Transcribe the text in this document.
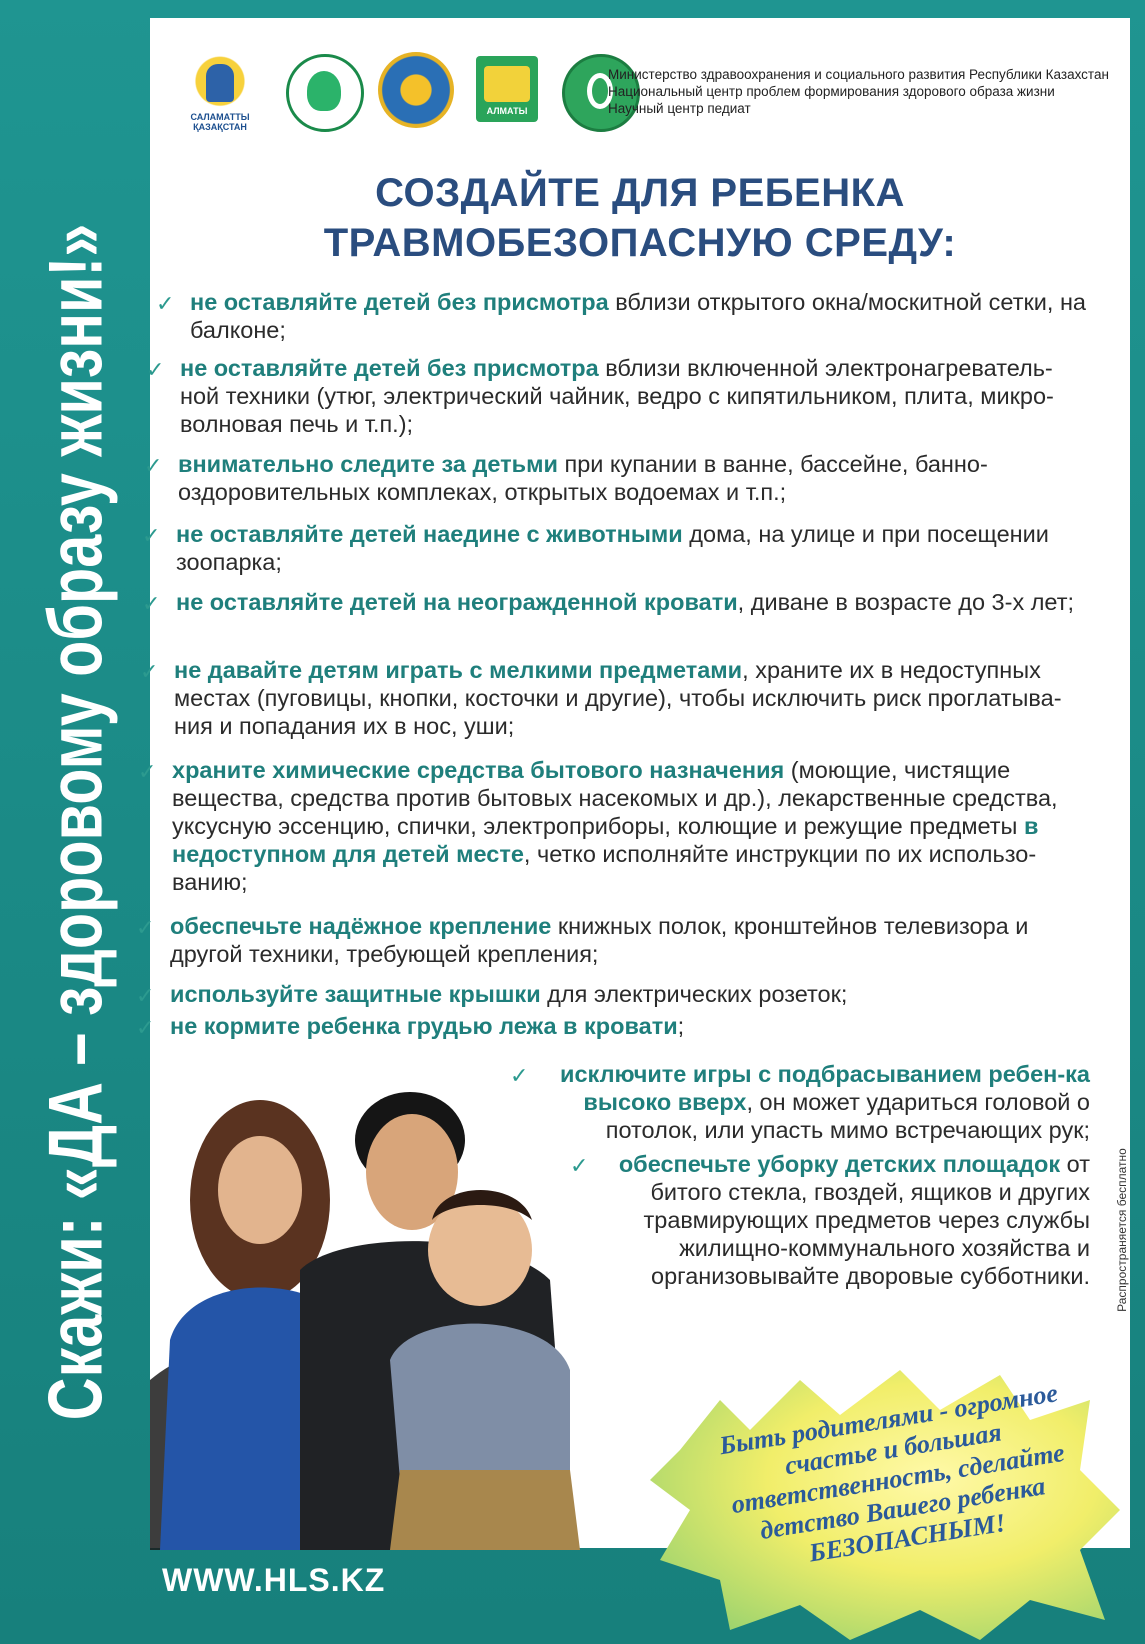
Скажи: «ДА – здоровому образу жизни!»
САЛАМАТТЫ ҚАЗАҚСТАН
АЛМАТЫ
Министерство здравоохранения и социального развития Республики Казахстан
Национальный центр проблем формирования здорового образа жизни
Научный центр педиат
СОЗДАЙТЕ ДЛЯ РЕБЕНКА
ТРАВМОБЕЗОПАСНУЮ СРЕДУ:
✓ не оставляйте детей без присмотра вблизи открытого окна/москитной сетки, на балконе;
✓ не оставляйте детей без присмотра вблизи включенной электронагреватель-ной техники (утюг, электрический чайник, ведро с кипятильником, плита, микро-волновая печь и т.п.);
✓ внимательно следите за детьми при купании в ванне, бассейне, банно-оздоровительных комплеках, открытых водоемах и т.п.;
✓ не оставляйте детей наедине с животными дома, на улице и при посещении зоопарка;
✓ не оставляйте детей на неогражденной кровати, диване в возрасте до 3-х лет;
✓ не давайте детям играть с мелкими предметами, храните их в недоступных местах (пуговицы, кнопки, косточки и другие), чтобы исключить риск проглатыва-ния и попадания их в нос, уши;
✓ храните химические средства бытового назначения (моющие, чистящие вещества, средства против бытовых насекомых и др.), лекарственные средства, уксусную эссенцию, спички, электроприборы, колющие и режущие предметы в недоступном для детей месте, четко исполняйте инструкции по их использо-ванию;
✓ обеспечьте надёжное крепление книжных полок, кронштейнов телевизора и другой техники, требующей крепления;
✓ используйте защитные крышки для электрических розеток;
✓ не кормите ребенка грудью лежа в кровати;
✓ исключите игры с подбрасыванием ребен-ка высоко вверх, он может удариться головой о потолок, или упасть мимо встречающих рук;
✓ обеспечьте уборку детских площадок от битого стекла, гвоздей, ящиков и других травмирующих предметов через службы жилищно-коммунального хозяйства и организовывайте дворовые субботники.
Быть родителями - огромное счастье и большая ответственность, сделайте детство Вашего ребенка БЕЗОПАСНЫМ!
WWW.HLS.KZ
Распространяется бесплатно
